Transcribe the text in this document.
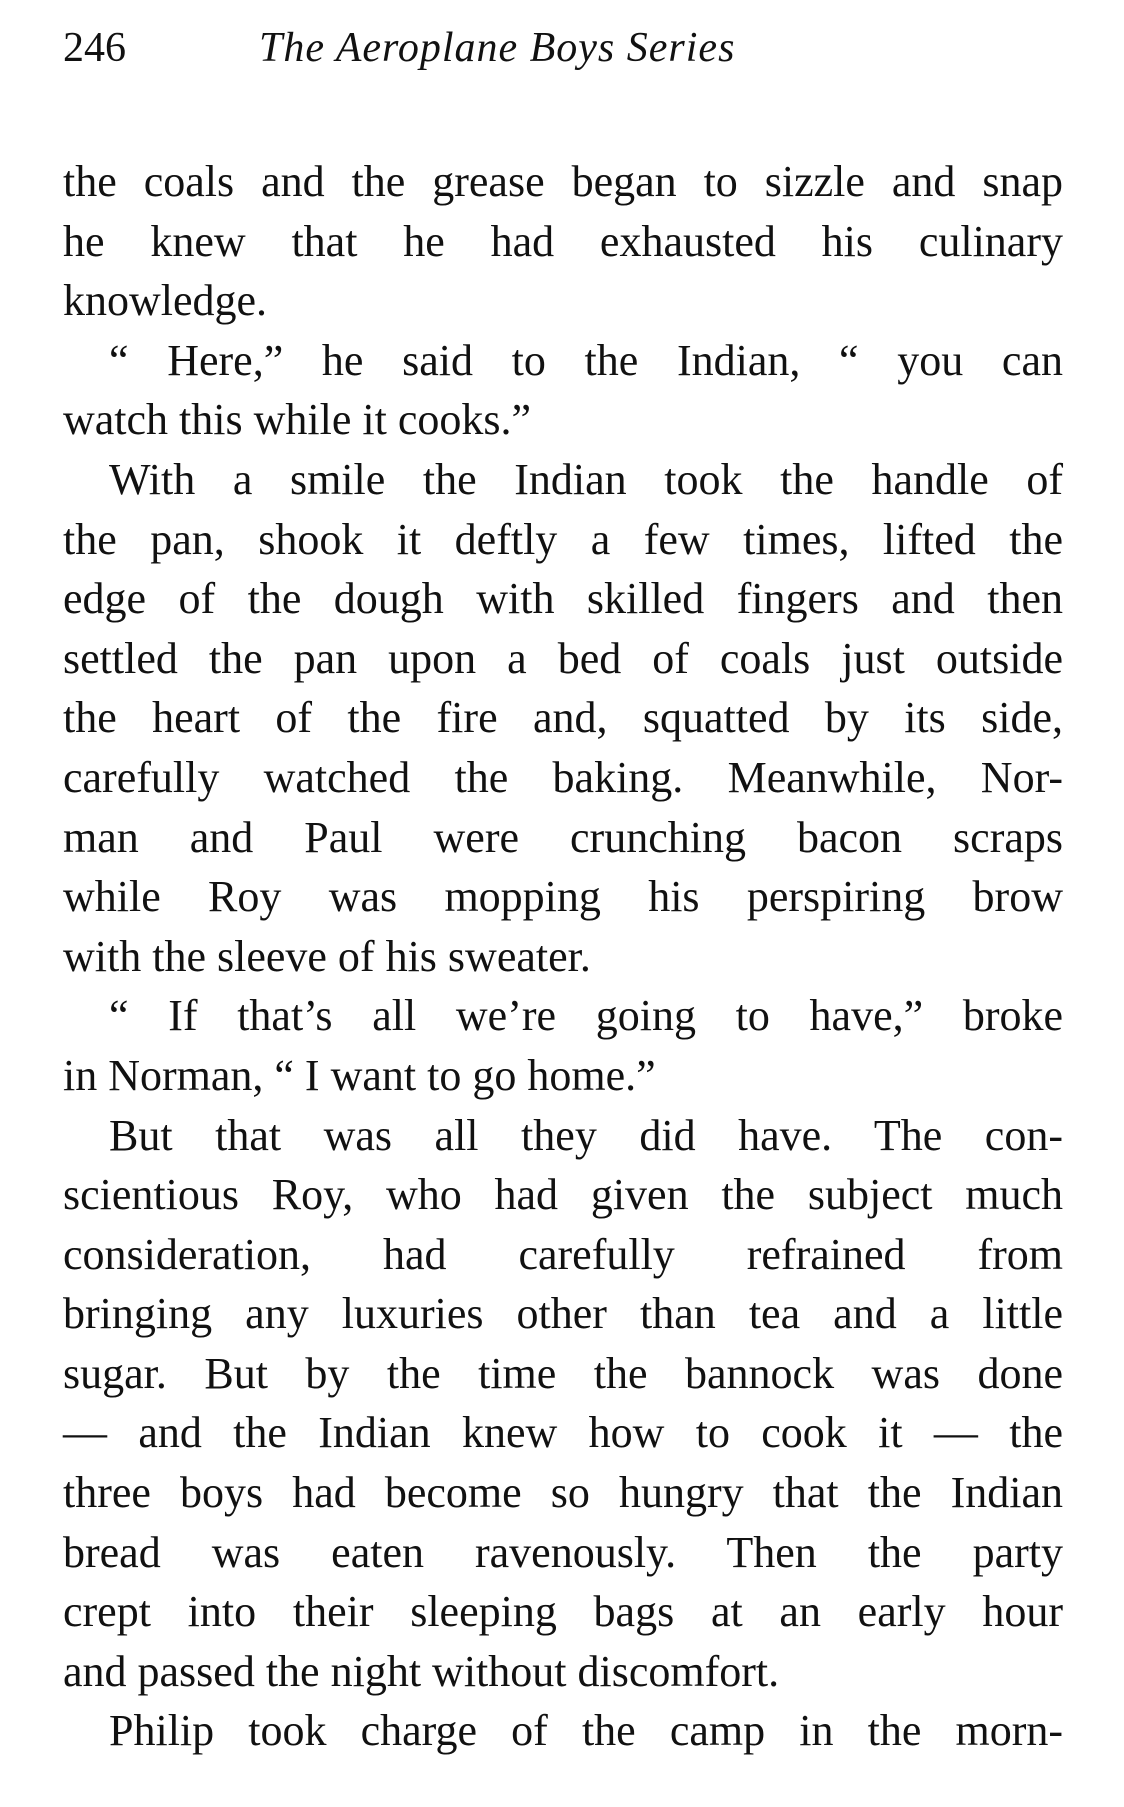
246	The Aeroplane Boys Series
the coals and the grease began to sizzle and snap
he knew that he had exhausted his culinary
knowledge.
“ Here,” he said to the Indian, “ you can
watch this while it cooks.”
With a smile the Indian took the handle of
the pan, shook it deftly a few times, lifted the
edge of the dough with skilled fingers and then
settled the pan upon a bed of coals just outside
the heart of the fire and, squatted by its side,
carefully watched the baking. Meanwhile, Nor-
man and Paul were crunching bacon scraps
while Roy was mopping his perspiring brow
with the sleeve of his sweater.
“ If that’s all we’re going to have,” broke
in Norman, “ I want to go home.”
But that was all they did have. The con-
scientious Roy, who had given the subject much
consideration, had carefully refrained from
bringing any luxuries other than tea and a little
sugar. But by the time the bannock was done
— and the Indian knew how to cook it — the
three boys had become so hungry that the Indian
bread was eaten ravenously. Then the party
crept into their sleeping bags at an early hour
and passed the night without discomfort.
Philip took charge of the camp in the morn-
